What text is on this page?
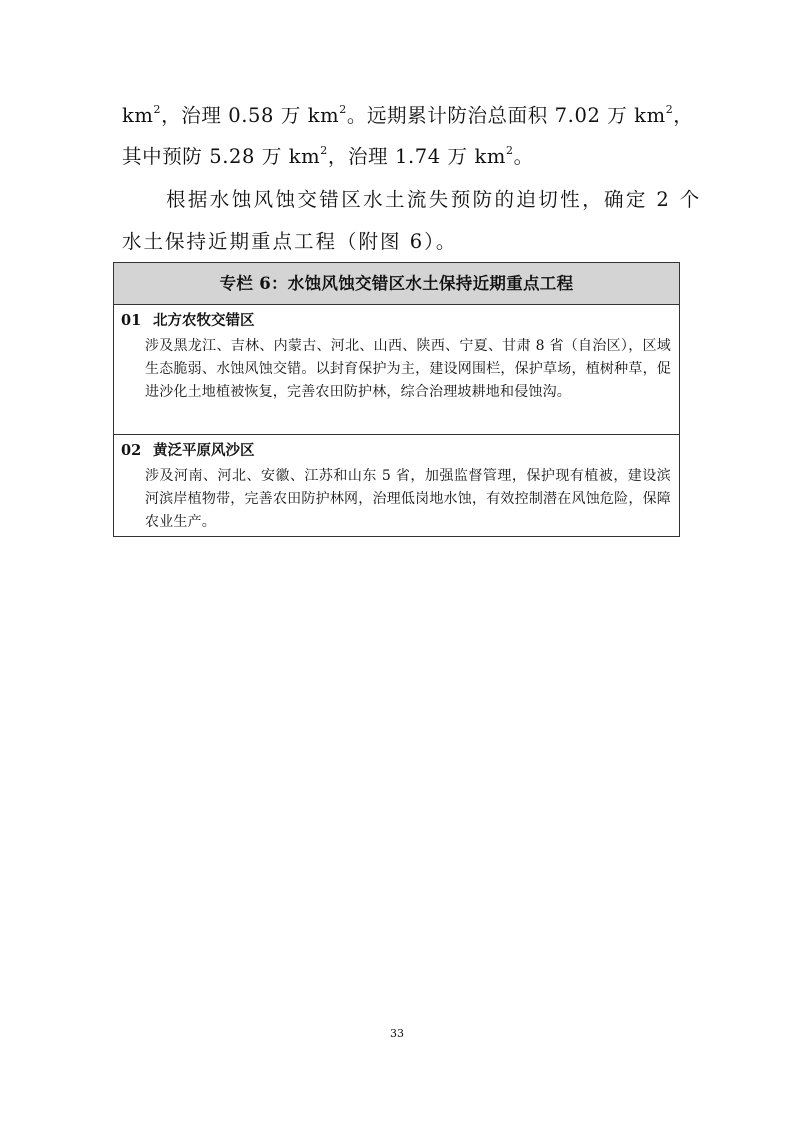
$km^2$，治理 0.58 万 $km^2$。远期累计防治总面积 7.02 万 $km^2$，
其中预防 5.28 万 $km^2$，治理 1.74 万 $km^2$。
根据水蚀风蚀交错区水土流失预防的迫切性，确定 2 个
水土保持近期重点工程（附图 6）。
专栏 6：水蚀风蚀交错区水土保持近期重点工程
01 北方农牧交错区
涉及黑龙江、吉林、内蒙古、河北、山西、陕西、宁夏、甘肃 8 省（自治区），区域生态脆弱、水蚀风蚀交错。以封育保护为主，建设网围栏，保护草场，植树种草，促进沙化土地植被恢复，完善农田防护林，综合治理坡耕地和侵蚀沟。
02 黄泛平原风沙区
涉及河南、河北、安徽、江苏和山东 5 省，加强监督管理，保护现有植被，建设滨河滨岸植物带，完善农田防护林网，治理低岗地水蚀，有效控制潜在风蚀危险，保障农业生产。
33
